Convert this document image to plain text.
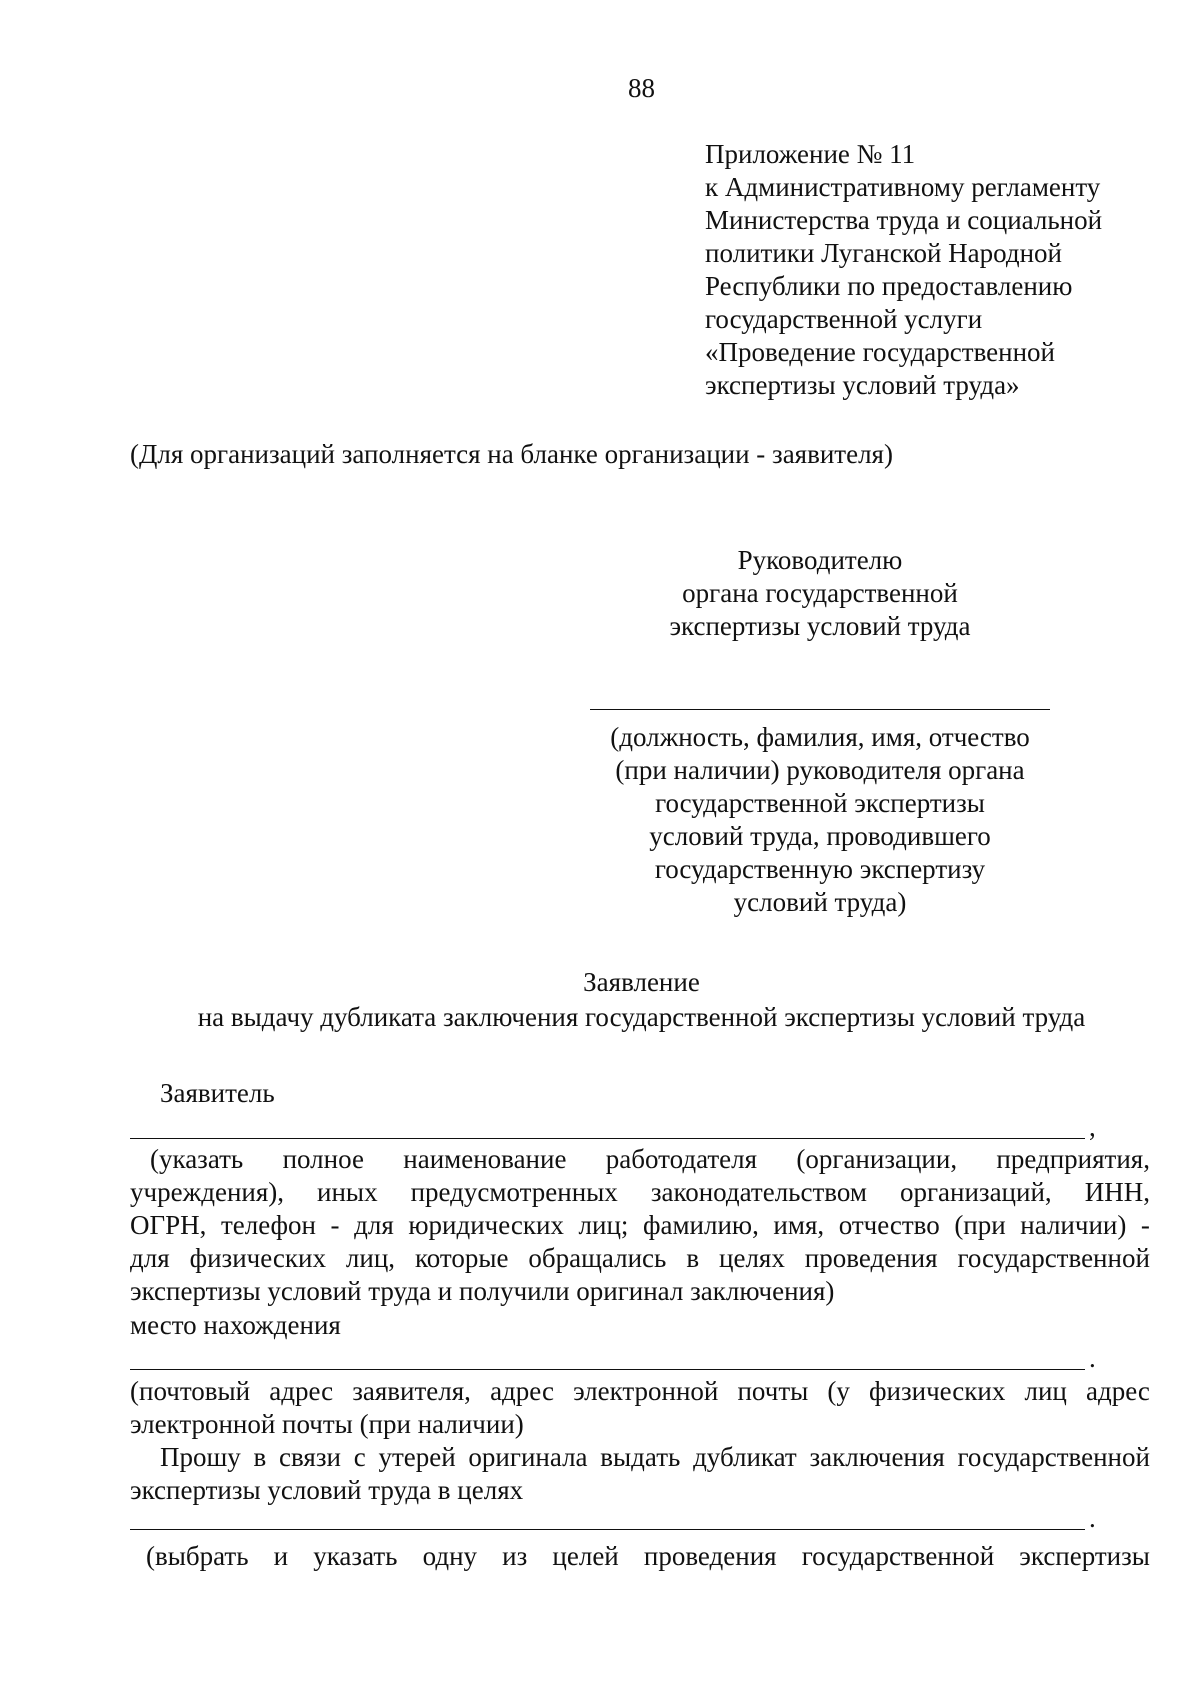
88
Приложение № 11
к Административному регламенту
Министерства труда и социальной
политики Луганской Народной
Республики по предоставлению
государственной услуги
«Проведение государственной
экспертизы условий труда»
(Для организаций заполняется на бланке организации - заявителя)
Руководителю
органа государственной
экспертизы условий труда
(должность, фамилия, имя, отчество
(при наличии) руководителя органа
государственной экспертизы
условий труда, проводившего
государственную экспертизу
условий труда)
Заявление
на выдачу дубликата заключения государственной экспертизы условий труда
Заявитель
,
(указать полное наименование работодателя (организации, предприятия,
учреждения), иных предусмотренных законодательством организаций, ИНН,
ОГРН, телефон - для юридических лиц; фамилию, имя, отчество (при наличии) -
для физических лиц, которые обращались в целях проведения государственной
экспертизы условий труда и получили оригинал заключения)
место нахождения
.
(почтовый адрес заявителя, адрес электронной почты (у физических лиц адрес
электронной почты (при наличии)
Прошу в связи с утерей оригинала выдать дубликат заключения государственной
экспертизы условий труда в целях
.
(выбрать и указать одну из целей проведения государственной экспертизы
